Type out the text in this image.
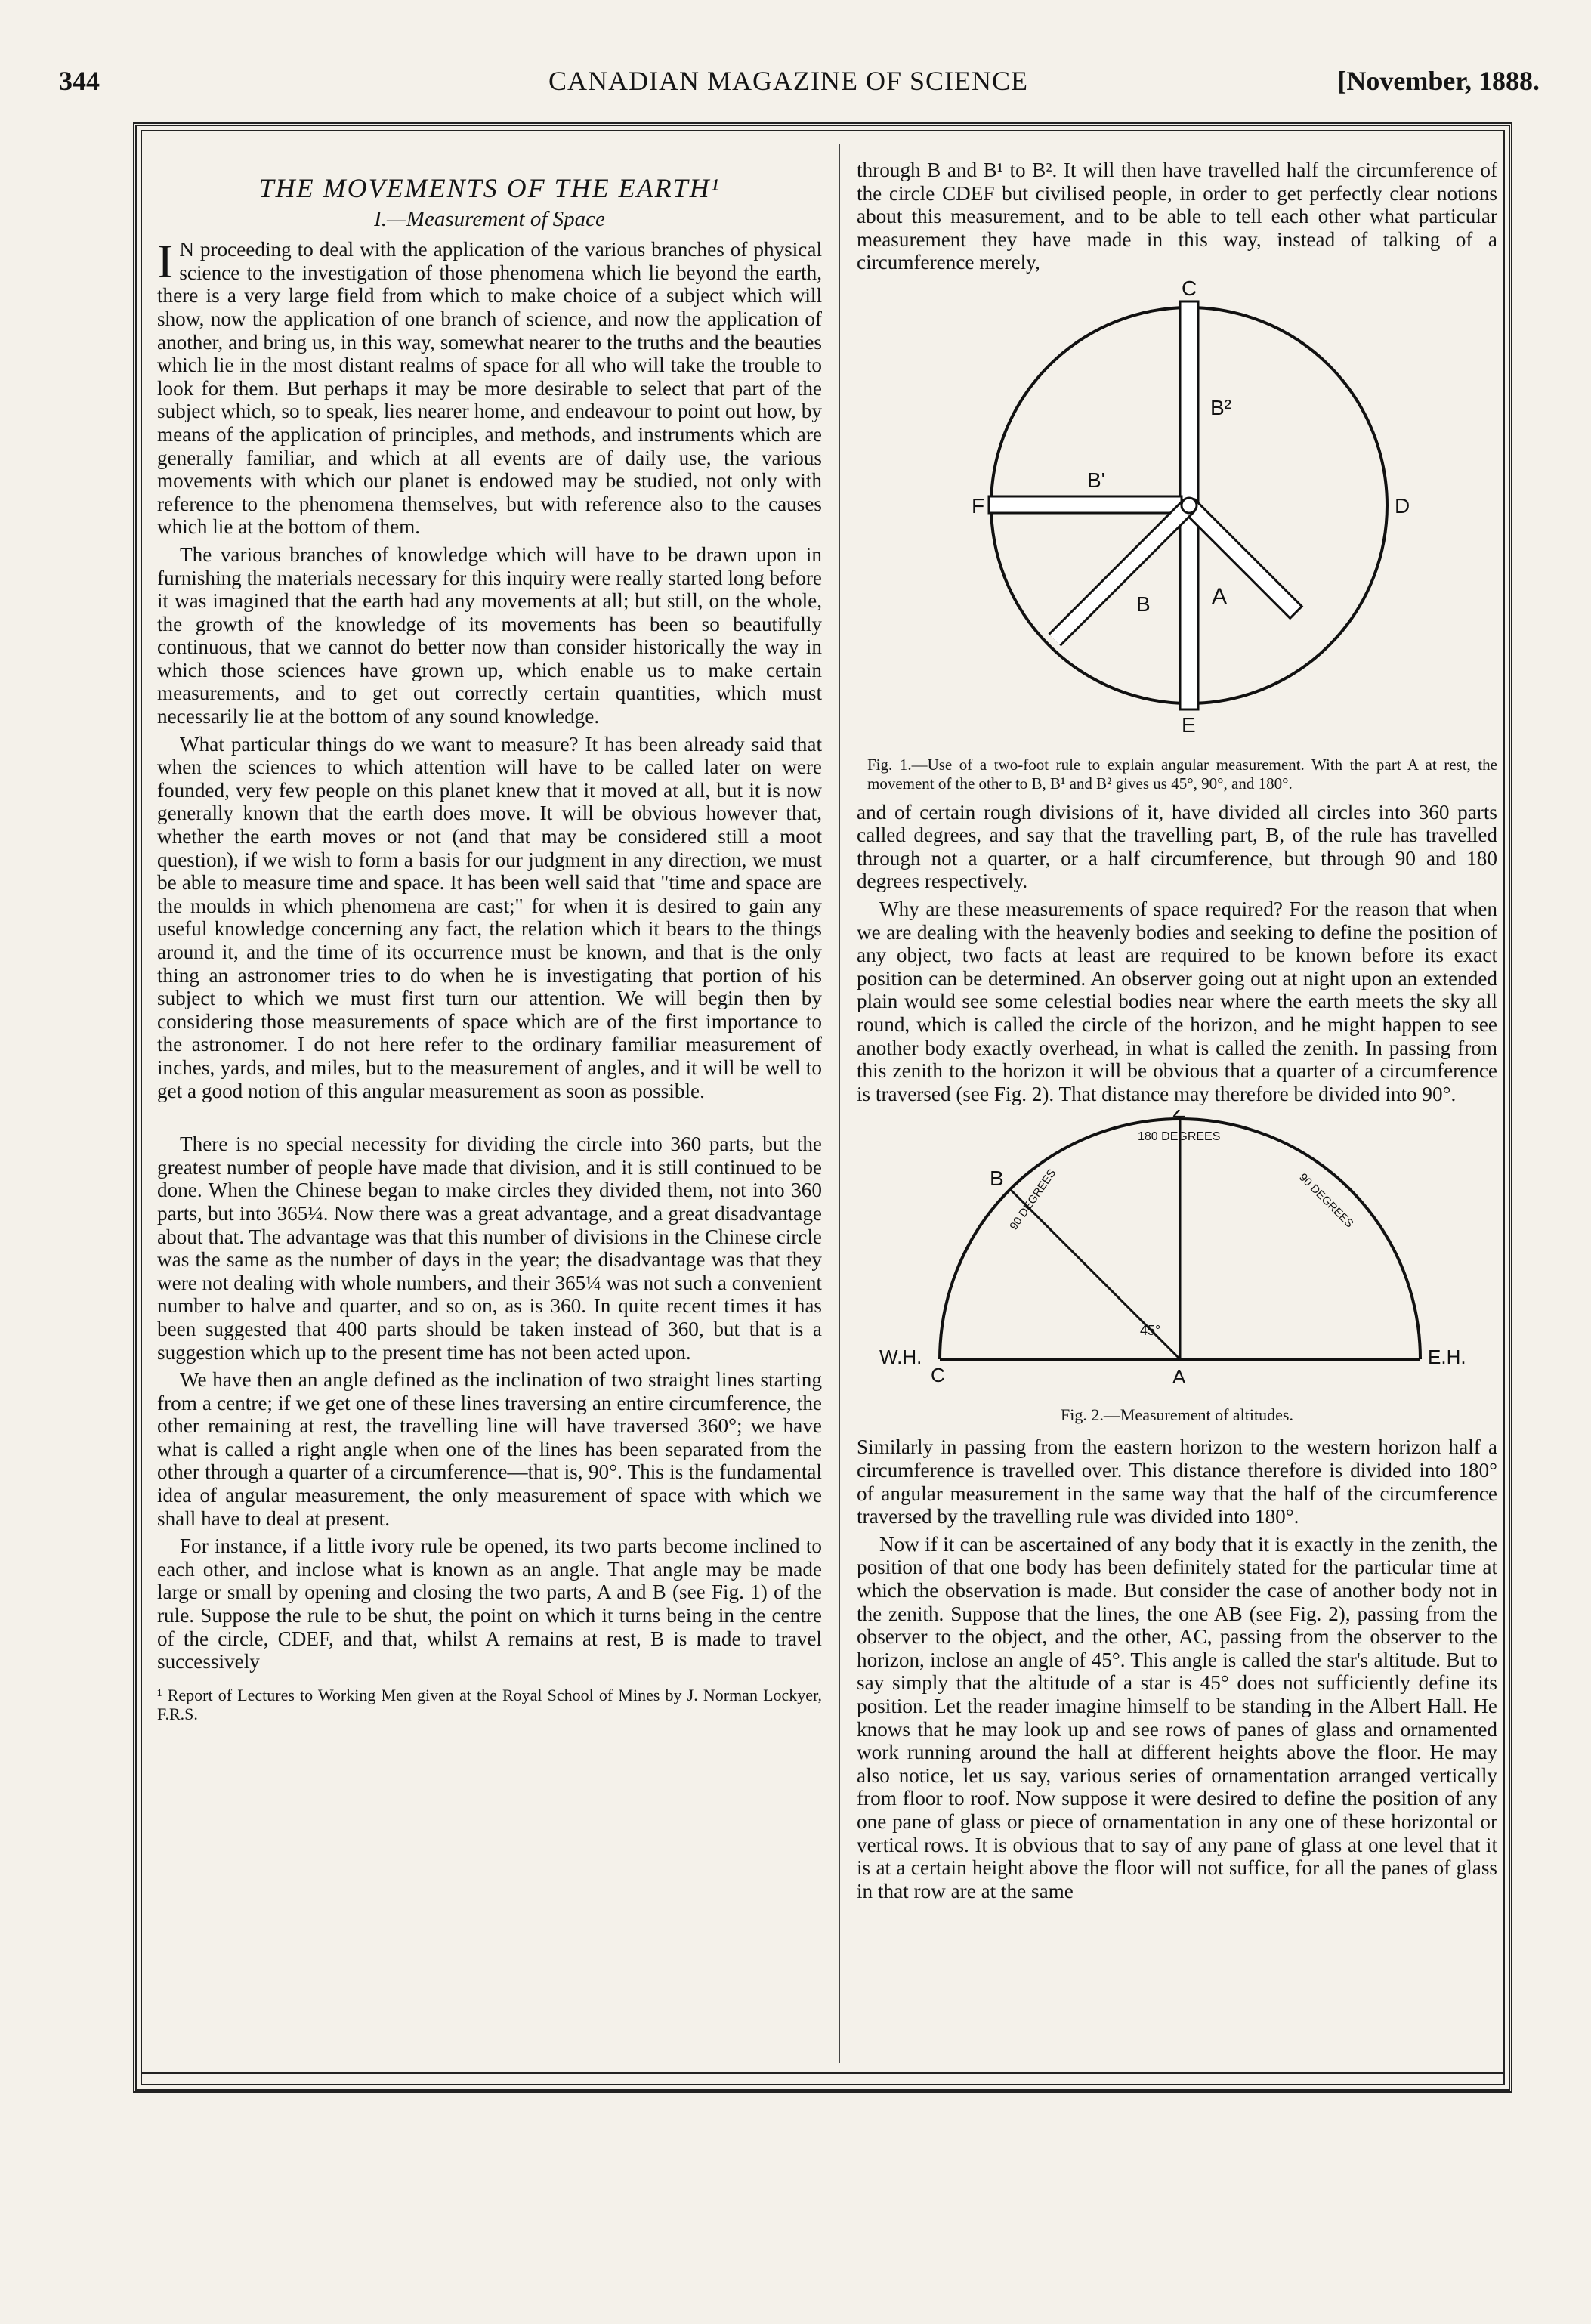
344	CANADIAN MAGAZINE OF SCIENCE	[November, 1888.
THE MOVEMENTS OF THE EARTH¹
I.—Measurement of Space

I N proceeding to deal with the application of the various branches of physical science to the investigation of those phenomena which lie beyond the earth, there is a very large field from which to make choice of a subject which will show, now the application of one branch of science, and now the application of another, and bring us, in this way, somewhat nearer to the truths and the beauties which lie in the most distant realms of space for all who will take the trouble to look for them. But perhaps it may be more desirable to select that part of the subject which, so to speak, lies nearer home, and endeavour to point out how, by means of the application of principles, and methods, and instruments which are generally familiar, and which at all events are of daily use, the various movements with which our planet is endowed may be studied, not only with reference to the phenomena themselves, but with reference also to the causes which lie at the bottom of them.

The various branches of knowledge which will have to be drawn upon in furnishing the materials necessary for this inquiry were really started long before it was imagined that the earth had any movements at all; but still, on the whole, the growth of the knowledge of its movements has been so beautifully continuous, that we cannot do better now than consider historically the way in which those sciences have grown up, which enable us to make certain measurements, and to get out correctly certain quantities, which must necessarily lie at the bottom of any sound knowledge.

What particular things do we want to measure? It has been already said that when the sciences to which attention will have to be called later on were founded, very few people on this planet knew that it moved at all, but it is now generally known that the earth does move. It will be obvious however that, whether the earth moves or not (and that may be considered still a moot question), if we wish to form a basis for our judgment in any direction, we must be able to measure time and space. It has been well said that "time and space are the moulds in which phenomena are cast;" for when it is desired to gain any useful knowledge concerning any fact, the relation which it bears to the things around it, and the time of its occurrence must be known, and that is the only thing an astronomer tries to do when he is investigating that portion of his subject to which we must first turn our attention. We will begin then by considering those measurements of space which are of the first importance to the astronomer. I do not here refer to the ordinary familiar measurement of inches, yards, and miles, but to the measurement of angles, and it will be well to get a good notion of this angular measurement as soon as possible.

There is no special necessity for dividing the circle into 360 parts, but the greatest number of people have made that division, and it is still continued to be done. When the Chinese began to make circles they divided them, not into 360 parts, but into 365¼. Now there was a great advantage, and a great disadvantage about that. The advantage was that this number of divisions in the Chinese circle was the same as the number of days in the year; the disadvantage was that they were not dealing with whole numbers, and their 365¼ was not such a convenient number to halve and quarter, and so on, as is 360. In quite recent times it has been suggested that 400 parts should be taken instead of 360, but that is a suggestion which up to the present time has not been acted upon.

We have then an angle defined as the inclination of two straight lines starting from a centre; if we get one of these lines traversing an entire circumference, the other remaining at rest, the travelling line will have traversed 360°; we have what is called a right angle when one of the lines has been separated from the other through a quarter of a circumference—that is, 90°. This is the fundamental idea of angular measurement, the only measurement of space with which we shall have to deal at present.

For instance, if a little ivory rule be opened, its two parts become inclined to each other, and inclose what is known as an angle. That angle may be made large or small by opening and closing the two parts, A and B (see Fig. 1) of the rule. Suppose the rule to be shut, the point on which it turns being in the centre of the circle, CDEF, and that, whilst A remains at rest, B is made to travel successively

¹ Report of Lectures to Working Men given at the Royal School of Mines by J. Norman Lockyer, F.R.S.

through B and B¹ to B². It will then have travelled half the circumference of the circle CDEF but civilised people, in order to get perfectly clear notions about this measurement, and to be able to tell each other what particular measurement they have made in this way, instead of talking of a circumference merely,

C
D
E
F
A
B
B'
B²
Fig. 1.—Use of a two-foot rule to explain angular measurement. With the part A at rest, the movement of the other to B, B¹ and B² gives us 45°, 90°, and 180°.

and of certain rough divisions of it, have divided all circles into 360 parts called degrees, and say that the travelling part, B, of the rule has travelled through not a quarter, or a half circumference, but through 90 and 180 degrees respectively.

Why are these measurements of space required? For the reason that when we are dealing with the heavenly bodies and seeking to define the position of any object, two facts at least are required to be known before its exact position can be determined. An observer going out at night upon an extended plain would see some celestial bodies near where the earth meets the sky all round, which is called the circle of the horizon, and he might happen to see another body exactly overhead, in what is called the zenith. In passing from this zenith to the horizon it will be obvious that a quarter of a circumference is traversed (see Fig. 2). That distance may therefore be divided into 90°.

Z
180 DEGREES
90 DEGREES	90 DEGREES
B
45°
W.H.
C	A
E.H.
Fig. 2.—Measurement of altitudes.

Similarly in passing from the eastern horizon to the western horizon half a circumference is travelled over. This distance therefore is divided into 180° of angular measurement in the same way that the half of the circumference traversed by the travelling rule was divided into 180°.

Now if it can be ascertained of any body that it is exactly in the zenith, the position of that one body has been definitely stated for the particular time at which the observation is made. But consider the case of another body not in the zenith. Suppose that the lines, the one AB (see Fig. 2), passing from the observer to the object, and the other, AC, passing from the observer to the horizon, inclose an angle of 45°. This angle is called the star's altitude. But to say simply that the altitude of a star is 45° does not sufficiently define its position. Let the reader imagine himself to be standing in the Albert Hall. He knows that he may look up and see rows of panes of glass and ornamented work running around the hall at different heights above the floor. He may also notice, let us say, various series of ornamentation arranged vertically from floor to roof. Now suppose it were desired to define the position of any one pane of glass or piece of ornamentation in any one of these horizontal or vertical rows. It is obvious that to say of any pane of glass at one level that it is at a certain height above the floor will not suffice, for all the panes of glass in that row are at the same
